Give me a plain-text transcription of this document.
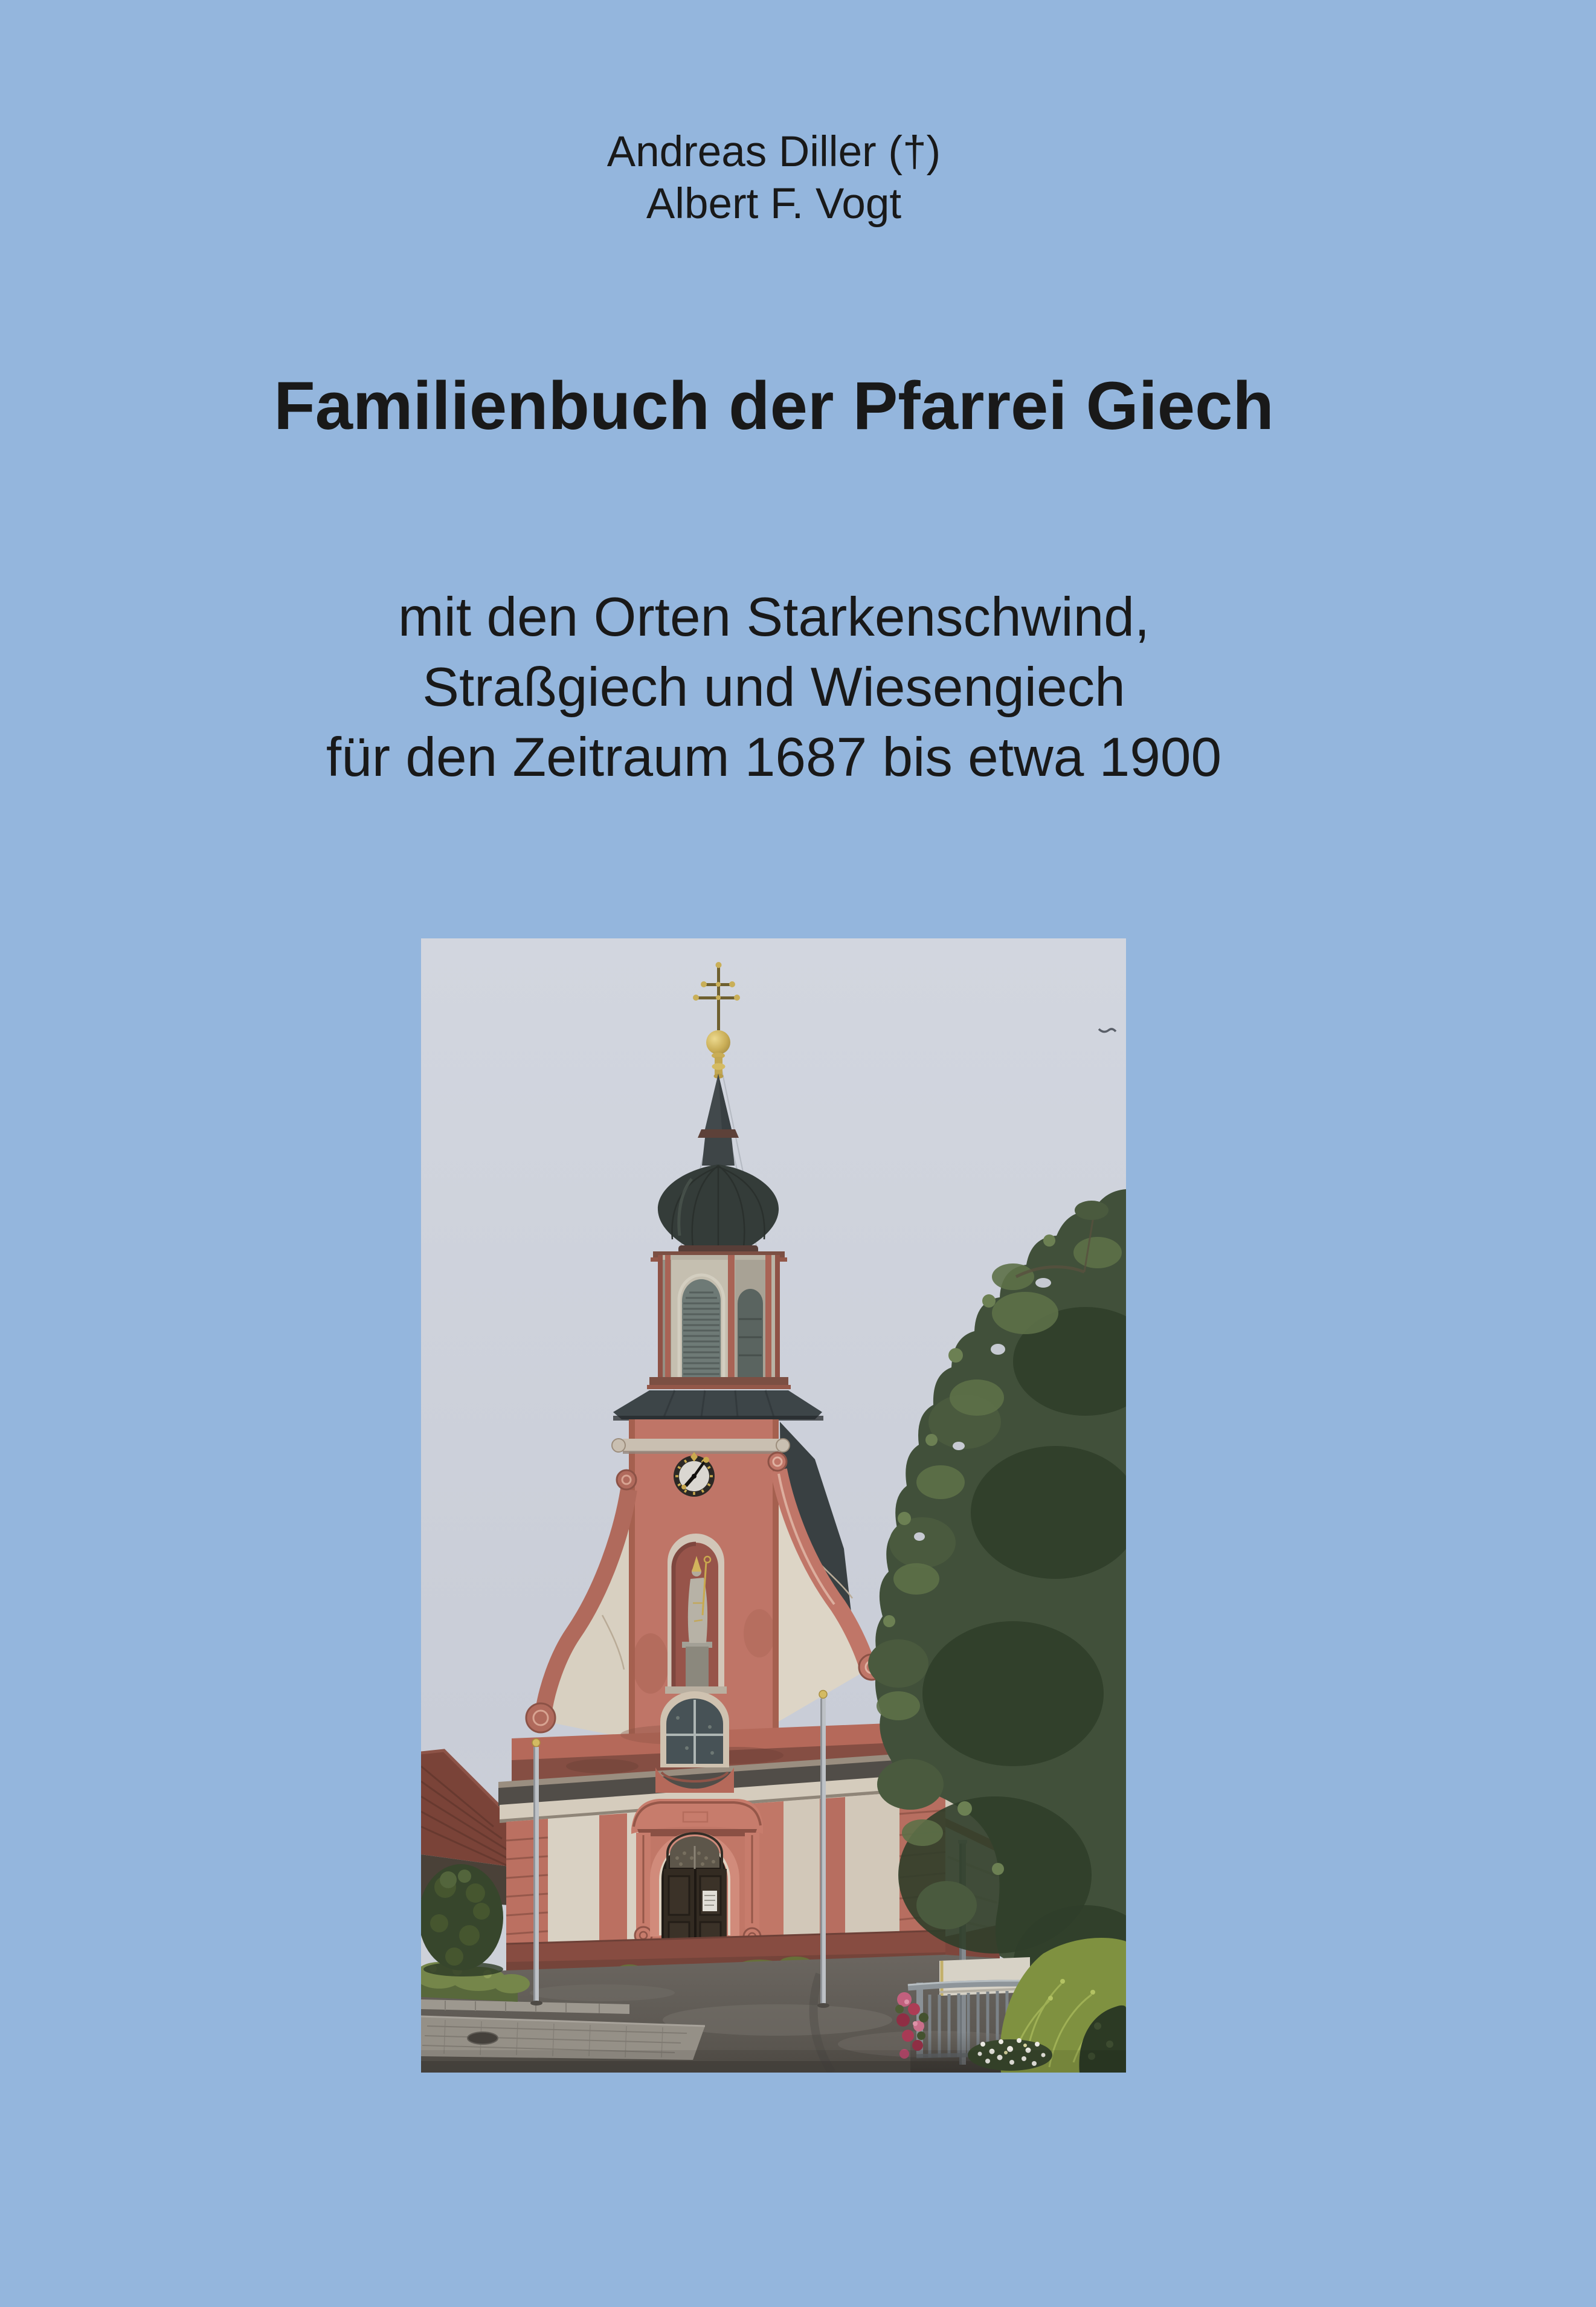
Andreas Diller (†)
Albert F. Vogt
Familienbuch der Pfarrei Giech
mit den Orten Starkenschwind,
Straßgiech und Wiesengiech
für den Zeitraum 1687 bis etwa 1900
